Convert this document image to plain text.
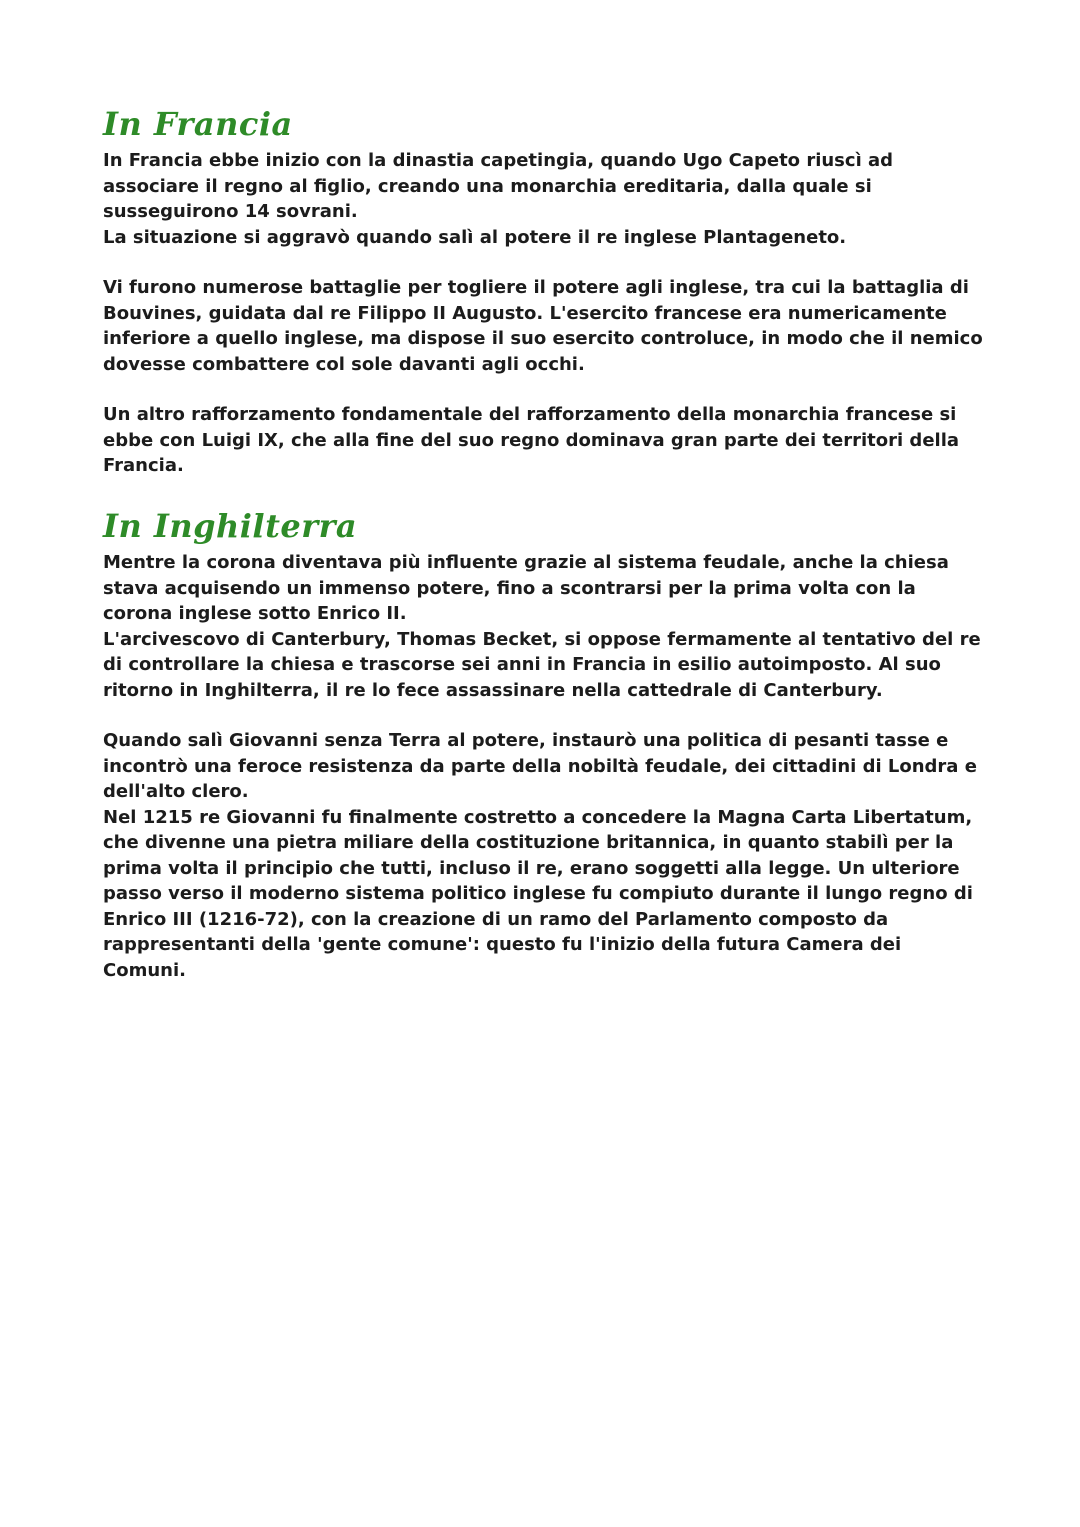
In Francia

In Francia ebbe inizio con la dinastia capetingia, quando Ugo Capeto riuscì ad associare il regno al figlio, creando una monarchia ereditaria, dalla quale si susseguirono 14 sovrani.

La situazione si aggravò quando salì al potere il re inglese Plantageneto.

Vi furono numerose battaglie per togliere il potere agli inglese, tra cui la battaglia di Bouvines, guidata dal re Filippo II Augusto. L'esercito francese era numericamente inferiore a quello inglese, ma dispose il suo esercito controluce, in modo che il nemico dovesse combattere col sole davanti agli occhi.

Un altro rafforzamento fondamentale del rafforzamento della monarchia francese si ebbe con Luigi IX, che alla fine del suo regno dominava gran parte dei territori della Francia.

In Inghilterra

Mentre la corona diventava più influente grazie al sistema feudale, anche la chiesa stava acquisendo un immenso potere, fino a scontrarsi per la prima volta con la corona inglese sotto Enrico II.

L'arcivescovo di Canterbury, Thomas Becket, si oppose fermamente al tentativo del re di controllare la chiesa e trascorse sei anni in Francia in esilio autoimposto. Al suo ritorno in Inghilterra, il re lo fece assassinare nella cattedrale di Canterbury.

Quando salì Giovanni senza Terra al potere, instaurò una politica di pesanti tasse e incontrò una feroce resistenza da parte della nobiltà feudale, dei cittadini di Londra e dell'alto clero.

Nel 1215 re Giovanni fu finalmente costretto a concedere la Magna Carta Libertatum, che divenne una pietra miliare della costituzione britannica, in quanto stabilì per la prima volta il principio che tutti, incluso il re, erano soggetti alla legge. Un ulteriore passo verso il moderno sistema politico inglese fu compiuto durante il lungo regno di Enrico III (1216-72), con la creazione di un ramo del Parlamento composto da rappresentanti della 'gente comune': questo fu l'inizio della futura Camera dei Comuni.
